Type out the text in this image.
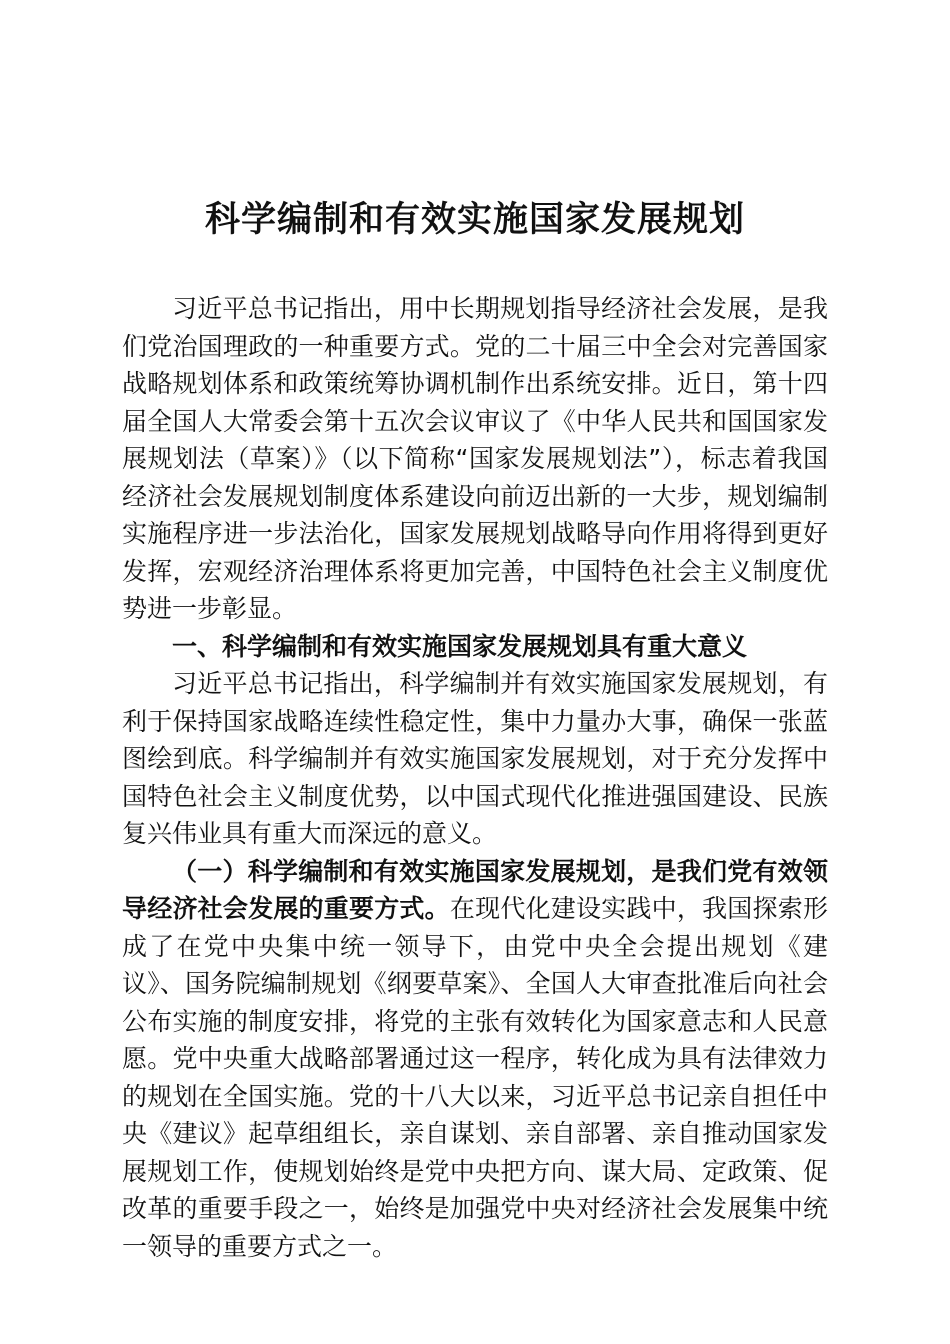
科学编制和有效实施国家发展规划

习近平总书记指出，用中长期规划指导经济社会发展，是我们党治国理政的一种重要方式。党的二十届三中全会对完善国家战略规划体系和政策统筹协调机制作出系统安排。近日，第十四届全国人大常委会第十五次会议审议了《中华人民共和国国家发展规划法（草案）》（以下简称“国家发展规划法”），标志着我国经济社会发展规划制度体系建设向前迈出新的一大步，规划编制实施程序进一步法治化，国家发展规划战略导向作用将得到更好发挥，宏观经济治理体系将更加完善，中国特色社会主义制度优势进一步彰显。

一、科学编制和有效实施国家发展规划具有重大意义

习近平总书记指出，科学编制并有效实施国家发展规划，有利于保持国家战略连续性稳定性，集中力量办大事，确保一张蓝图绘到底。科学编制并有效实施国家发展规划，对于充分发挥中国特色社会主义制度优势，以中国式现代化推进强国建设、民族复兴伟业具有重大而深远的意义。

（一）科学编制和有效实施国家发展规划，是我们党有效领导经济社会发展的重要方式。在现代化建设实践中，我国探索形成了在党中央集中统一领导下，由党中央全会提出规划《建议》、国务院编制规划《纲要草案》、全国人大审查批准后向社会公布实施的制度安排，将党的主张有效转化为国家意志和人民意愿。党中央重大战略部署通过这一程序，转化成为具有法律效力的规划在全国实施。党的十八大以来，习近平总书记亲自担任中央《建议》起草组组长，亲自谋划、亲自部署、亲自推动国家发展规划工作，使规划始终是党中央把方向、谋大局、定政策、促改革的重要手段之一，始终是加强党中央对经济社会发展集中统一领导的重要方式之一。
